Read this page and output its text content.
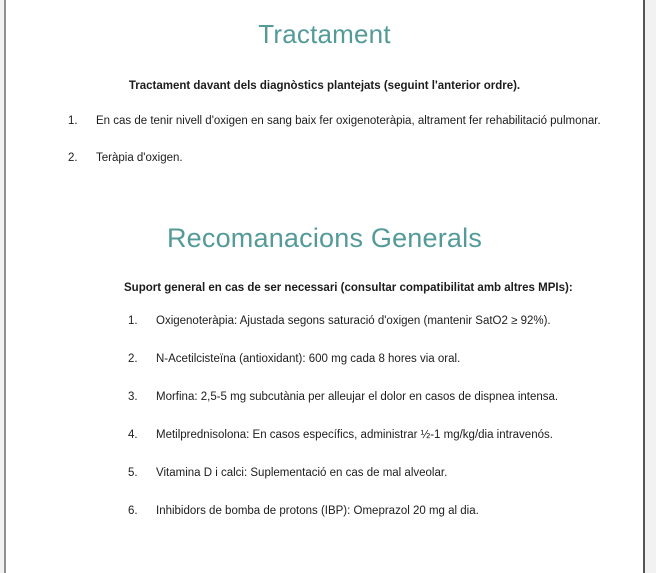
Tractament

Tractament davant dels diagnòstics plantejats (seguint l'anterior ordre).

1.	En cas de tenir nivell d'oxigen en sang baix fer oxigenoteràpia, altrament fer rehabilitació pulmonar.
2.	Teràpia d'oxigen.
Recomanacions Generals

Suport general en cas de ser necessari (consultar compatibilitat amb altres MPIs):

1.	Oxigenoteràpia: Ajustada segons saturació d'oxigen (mantenir SatO2 ≥ 92%).
2.	N-Acetilcisteïna (antioxidant): 600 mg cada 8 hores via oral.
3.	Morfina: 2,5-5 mg subcutània per alleujar el dolor en casos de dispnea intensa.
4.	Metilprednisolona: En casos específics, administrar ½-1 mg/kg/dia intravenós.
5.	Vitamina D i calci: Suplementació en cas de mal alveolar.
6.	Inhibidors de bomba de protons (IBP): Omeprazol 20 mg al dia.
